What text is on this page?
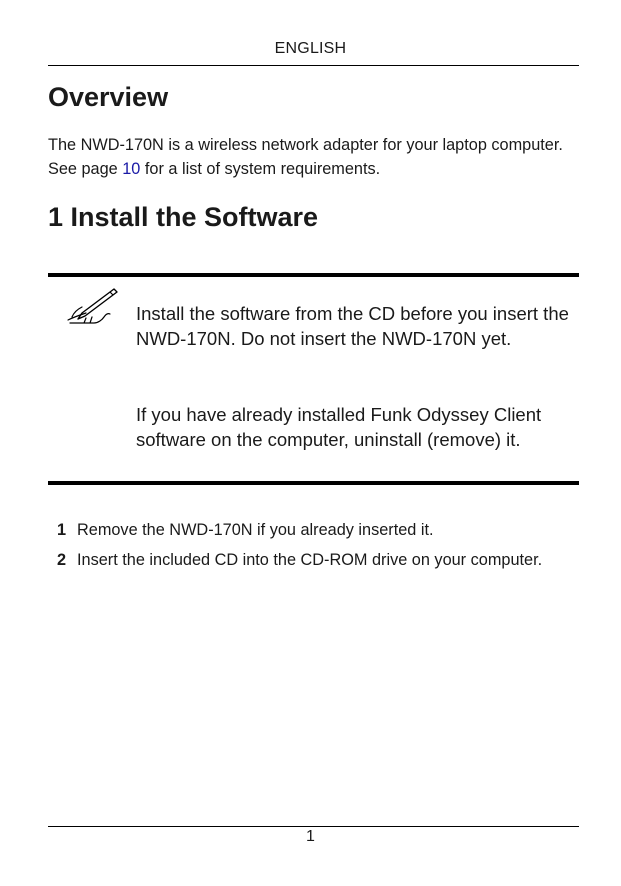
ENGLISH
Overview

The NWD-170N is a wireless network adapter for your laptop computer. See page 10 for a list of system requirements.

1 Install the Software

Install the software from the CD before you insert the NWD-170N. Do not insert the NWD-170N yet.

If you have already installed Funk Odyssey Client software on the computer, uninstall (remove) it.

1 Remove the NWD-170N if you already inserted it.
2 Insert the included CD into the CD-ROM drive on your computer.
1
